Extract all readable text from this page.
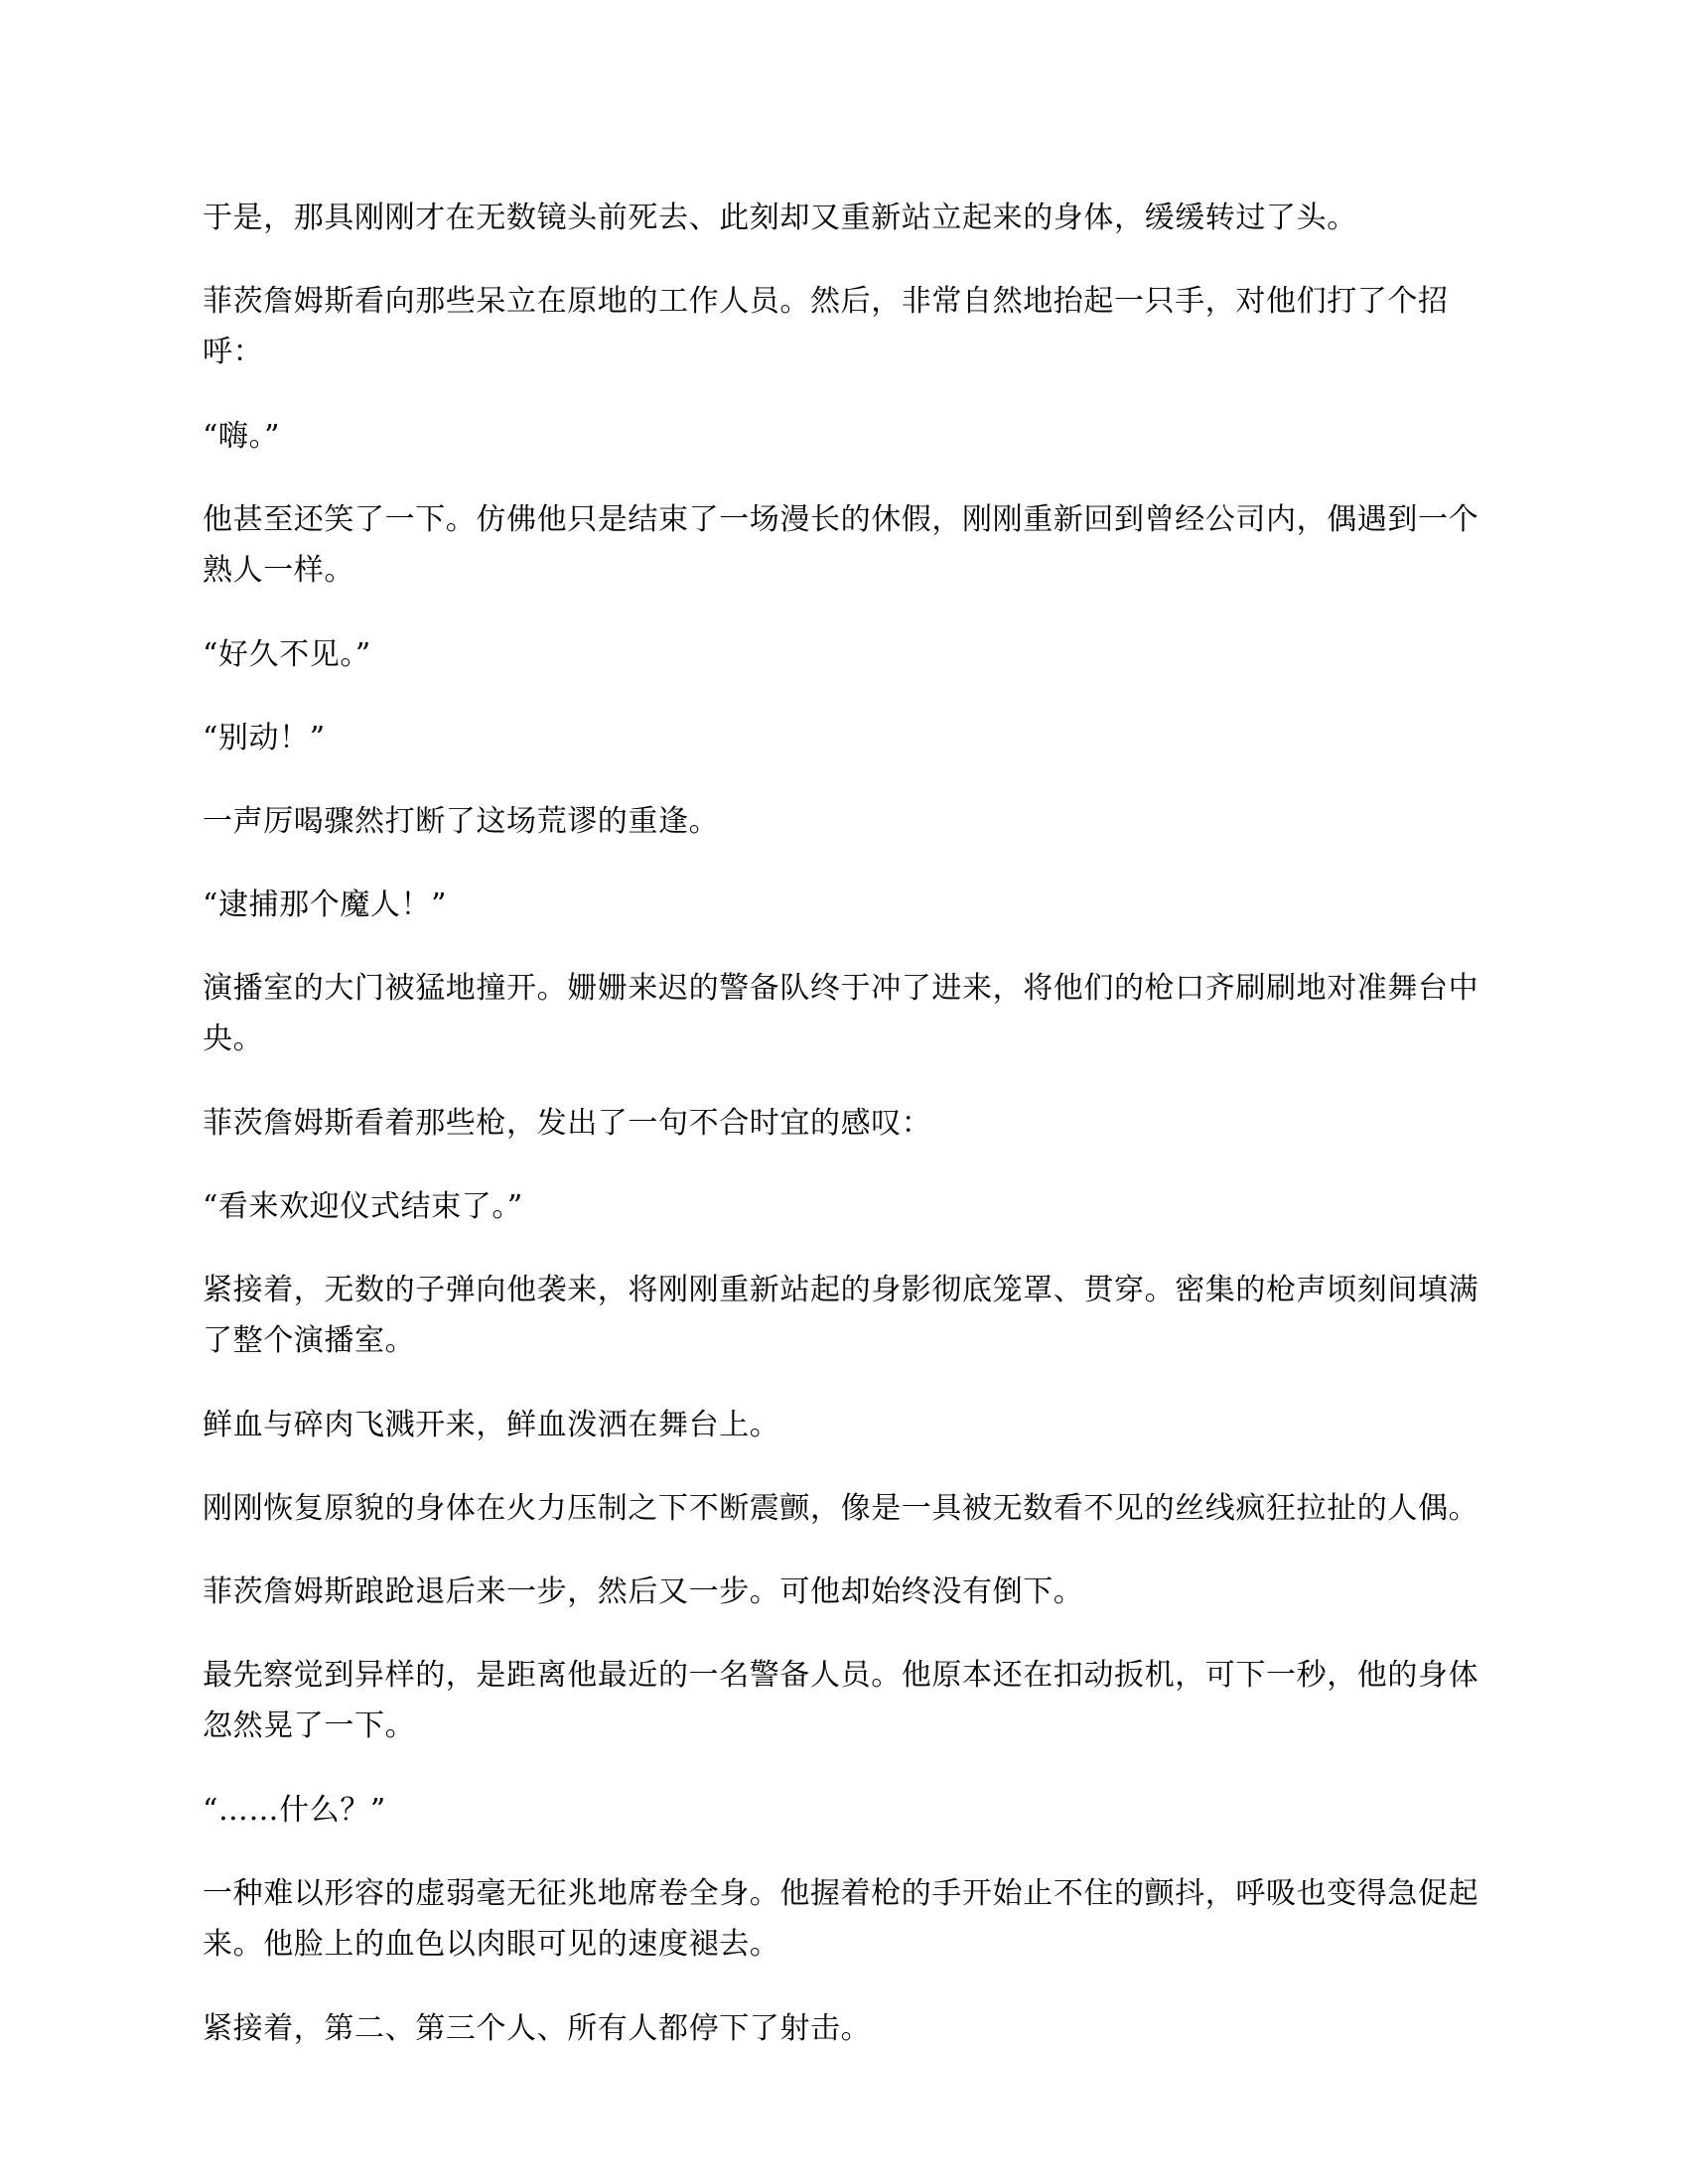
于是，那具刚刚才在无数镜头前死去、此刻却又重新站立起来的身体，缓缓转过了头。

菲茨詹姆斯看向那些呆立在原地的工作人员。然后，非常自然地抬起一只手，对他们打了个招呼：

“嗨。”

他甚至还笑了一下。仿佛他只是结束了一场漫长的休假，刚刚重新回到曾经公司内，偶遇到一个熟人一样。

“好久不见。”

“别动！”

一声厉喝骤然打断了这场荒谬的重逢。

“逮捕那个魔人！”

演播室的大门被猛地撞开。姗姗来迟的警备队终于冲了进来，将他们的枪口齐刷刷地对准舞台中央。

菲茨詹姆斯看着那些枪，发出了一句不合时宜的感叹：

“看来欢迎仪式结束了。”

紧接着，无数的子弹向他袭来，将刚刚重新站起的身影彻底笼罩、贯穿。密集的枪声顷刻间填满了整个演播室。

鲜血与碎肉飞溅开来，鲜血泼洒在舞台上。

刚刚恢复原貌的身体在火力压制之下不断震颤，像是一具被无数看不见的丝线疯狂拉扯的人偶。

菲茨詹姆斯踉跄退后来一步，然后又一步。可他却始终没有倒下。

最先察觉到异样的，是距离他最近的一名警备人员。他原本还在扣动扳机，可下一秒，他的身体忽然晃了一下。

“……什么？”

一种难以形容的虚弱毫无征兆地席卷全身。他握着枪的手开始止不住的颤抖，呼吸也变得急促起来。他脸上的血色以肉眼可见的速度褪去。

紧接着，第二、第三个人、所有人都停下了射击。
